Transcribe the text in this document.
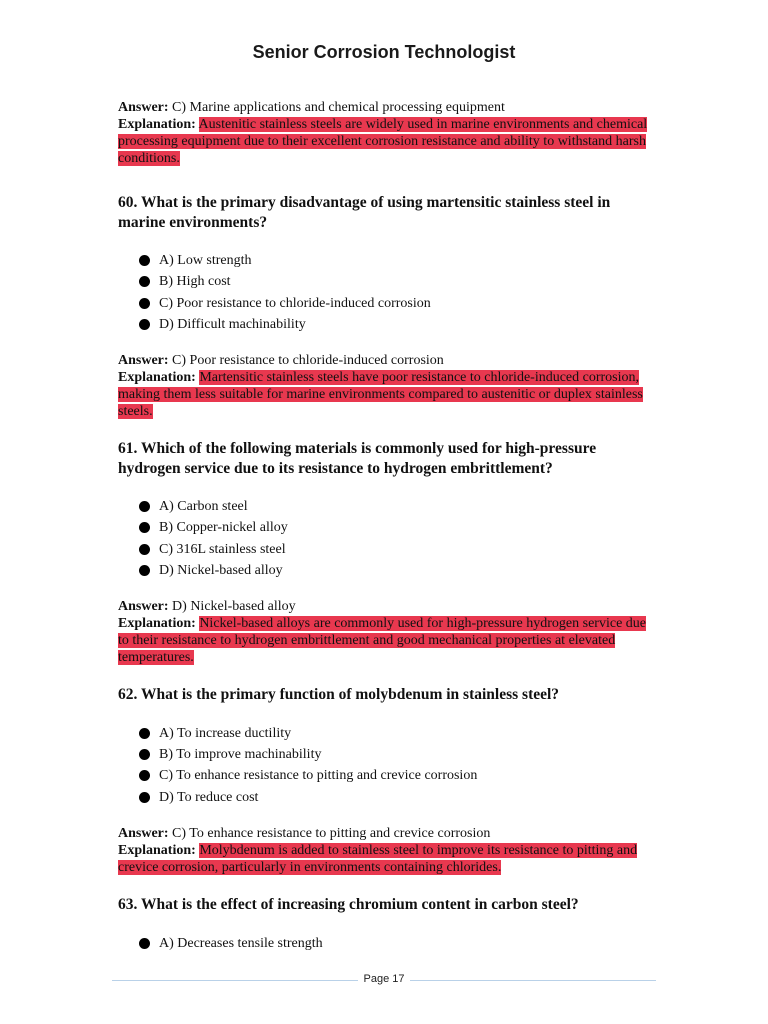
Senior Corrosion Technologist
Answer: C) Marine applications and chemical processing equipment
Explanation: Austenitic stainless steels are widely used in marine environments and chemical processing equipment due to their excellent corrosion resistance and ability to withstand harsh conditions.

60. What is the primary disadvantage of using martensitic stainless steel in marine environments?

A) Low strength
B) High cost
C) Poor resistance to chloride-induced corrosion
D) Difficult machinability
Answer: C) Poor resistance to chloride-induced corrosion
Explanation: Martensitic stainless steels have poor resistance to chloride-induced corrosion, making them less suitable for marine environments compared to austenitic or duplex stainless steels.

61. Which of the following materials is commonly used for high-pressure hydrogen service due to its resistance to hydrogen embrittlement?

A) Carbon steel
B) Copper-nickel alloy
C) 316L stainless steel
D) Nickel-based alloy
Answer: D) Nickel-based alloy
Explanation: Nickel-based alloys are commonly used for high-pressure hydrogen service due to their resistance to hydrogen embrittlement and good mechanical properties at elevated temperatures.

62. What is the primary function of molybdenum in stainless steel?

A) To increase ductility
B) To improve machinability
C) To enhance resistance to pitting and crevice corrosion
D) To reduce cost
Answer: C) To enhance resistance to pitting and crevice corrosion
Explanation: Molybdenum is added to stainless steel to improve its resistance to pitting and crevice corrosion, particularly in environments containing chlorides.

63. What is the effect of increasing chromium content in carbon steel?

A) Decreases tensile strength
Page 17
